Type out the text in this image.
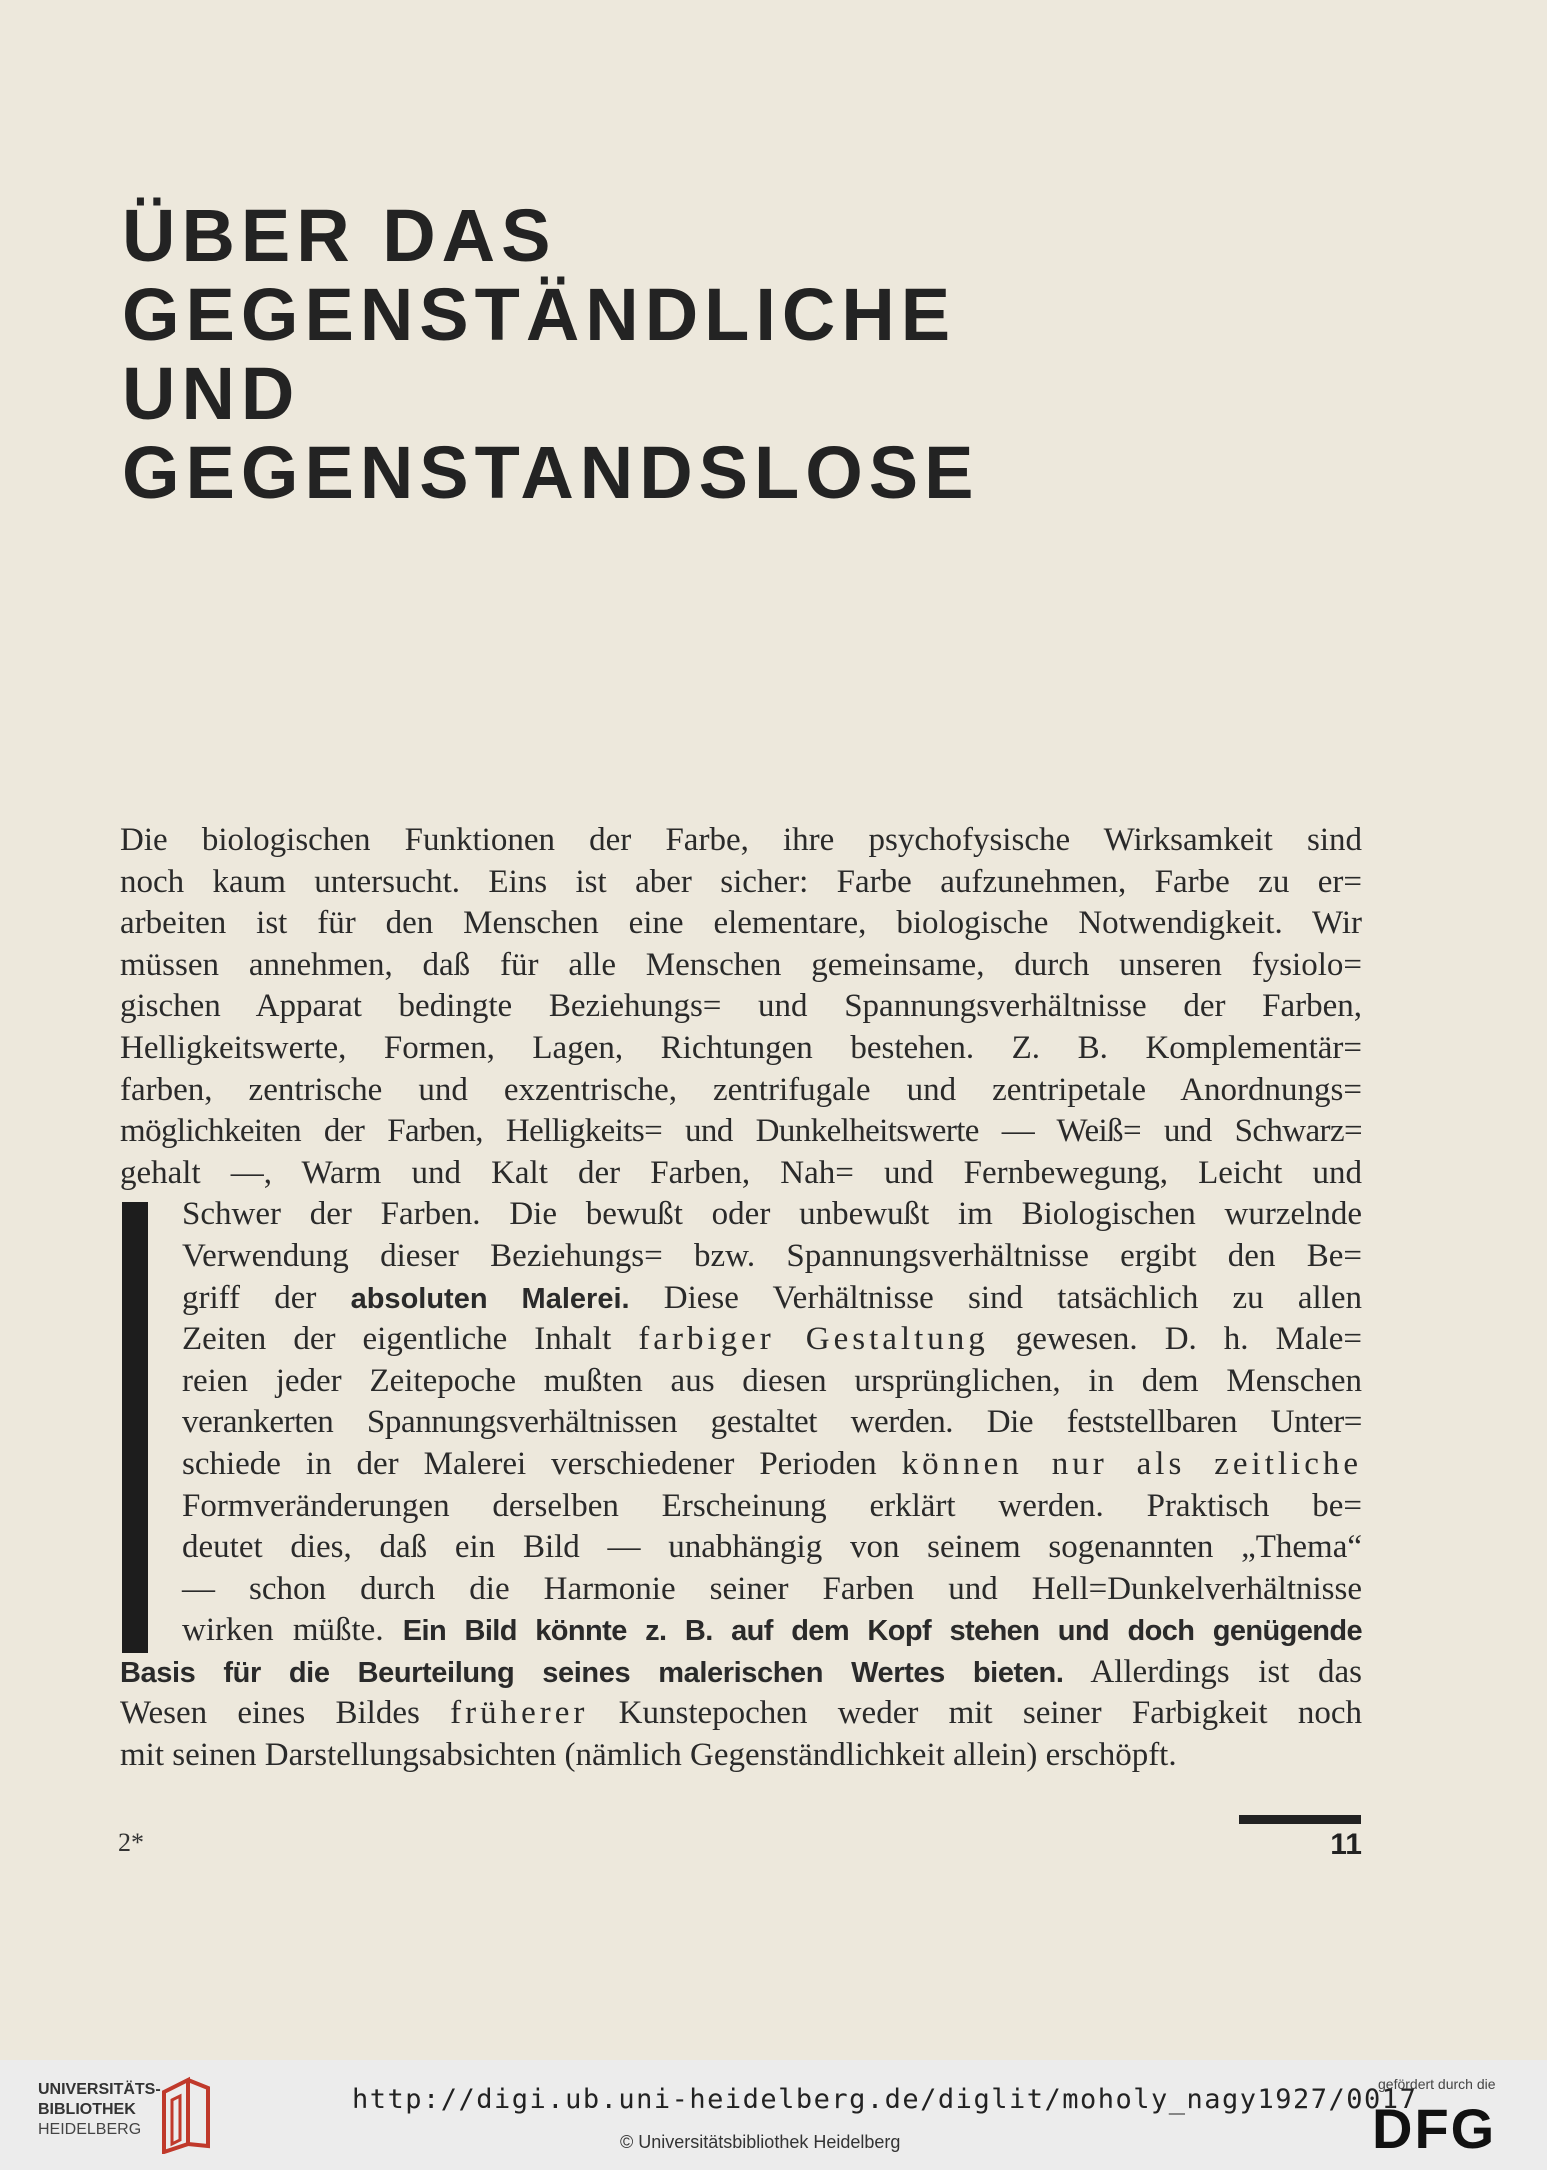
ÜBER DAS
GEGENSTÄNDLICHE
UND
GEGENSTANDSLOSE
Die biologischen Funktionen der Farbe, ihre psychofysische Wirksamkeit sind
noch kaum untersucht. Eins ist aber sicher: Farbe aufzunehmen, Farbe zu er=
arbeiten ist für den Menschen eine elementare, biologische Notwendigkeit. Wir
müssen annehmen, daß für alle Menschen gemeinsame, durch unseren fysiolo=
gischen Apparat bedingte Beziehungs= und Spannungsverhältnisse der Farben,
Helligkeitswerte, Formen, Lagen, Richtungen bestehen. Z. B. Komplementär=
farben, zentrische und exzentrische, zentrifugale und zentripetale Anordnungs=
möglichkeiten der Farben, Helligkeits= und Dunkelheitswerte — Weiß= und Schwarz=
gehalt —, Warm und Kalt der Farben, Nah= und Fernbewegung, Leicht und
Schwer der Farben. Die bewußt oder unbewußt im Biologischen wurzelnde
Verwendung dieser Beziehungs= bzw. Spannungsverhältnisse ergibt den Be=
griff der absoluten Malerei. Diese Verhältnisse sind tatsächlich zu allen
Zeiten der eigentliche Inhalt farbiger Gestaltung gewesen. D. h. Male=
reien jeder Zeitepoche mußten aus diesen ursprünglichen, in dem Menschen
verankerten Spannungsverhältnissen gestaltet werden. Die feststellbaren Unter=
schiede in der Malerei verschiedener Perioden können nur als zeitliche
Formveränderungen derselben Erscheinung erklärt werden. Praktisch be=
deutet dies, daß ein Bild — unabhängig von seinem sogenannten „Thema“
— schon durch die Harmonie seiner Farben und Hell=Dunkelverhältnisse
wirken müßte. Ein Bild könnte z. B. auf dem Kopf stehen und doch genügende
Basis für die Beurteilung seines malerischen Wertes bieten. Allerdings ist das
Wesen eines Bildes früherer Kunstepochen weder mit seiner Farbigkeit noch
mit seinen Darstellungsabsichten (nämlich Gegenständlichkeit allein) erschöpft.
2*	11
UNIVERSITÄTS-
BIBLIOTHEK
HEIDELBERG
http://digi.ub.uni-heidelberg.de/diglit/moholy_nagy1927/0017
© Universitätsbibliothek Heidelberg
gefördert durch die
DFG
